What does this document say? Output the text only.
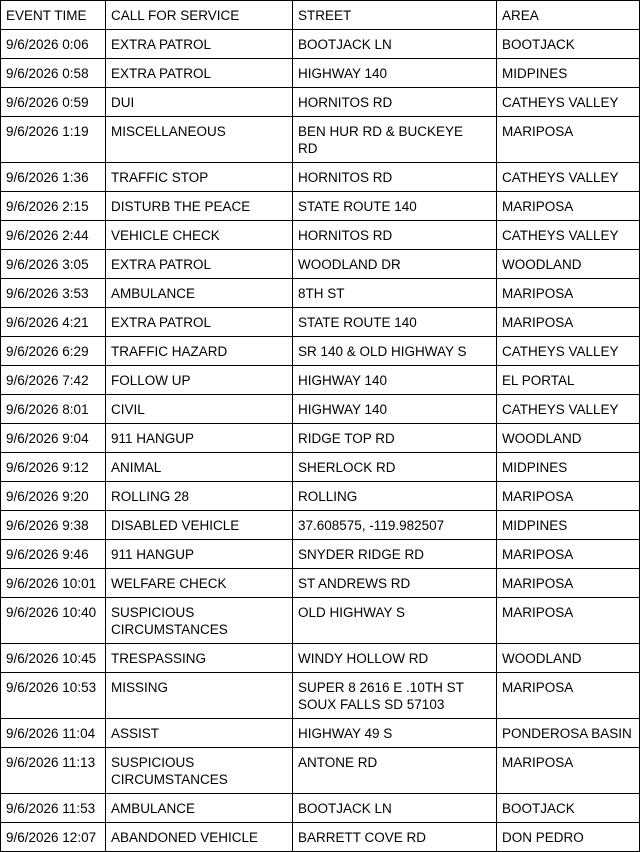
EVENT TIME	CALL FOR SERVICE	STREET	AREA
9/6/2026 0:06	EXTRA PATROL	BOOTJACK LN	BOOTJACK
9/6/2026 0:58	EXTRA PATROL	HIGHWAY 140	MIDPINES
9/6/2026 0:59	DUI	HORNITOS RD	CATHEYS VALLEY
9/6/2026 1:19	MISCELLANEOUS	BEN HUR RD & BUCKEYE RD	MARIPOSA
9/6/2026 1:36	TRAFFIC STOP	HORNITOS RD	CATHEYS VALLEY
9/6/2026 2:15	DISTURB THE PEACE	STATE ROUTE 140	MARIPOSA
9/6/2026 2:44	VEHICLE CHECK	HORNITOS RD	CATHEYS VALLEY
9/6/2026 3:05	EXTRA PATROL	WOODLAND DR	WOODLAND
9/6/2026 3:53	AMBULANCE	8TH ST	MARIPOSA
9/6/2026 4:21	EXTRA PATROL	STATE ROUTE 140	MARIPOSA
9/6/2026 6:29	TRAFFIC HAZARD	SR 140 & OLD HIGHWAY S	CATHEYS VALLEY
9/6/2026 7:42	FOLLOW UP	HIGHWAY 140	EL PORTAL
9/6/2026 8:01	CIVIL	HIGHWAY 140	CATHEYS VALLEY
9/6/2026 9:04	911 HANGUP	RIDGE TOP RD	WOODLAND
9/6/2026 9:12	ANIMAL	SHERLOCK RD	MIDPINES
9/6/2026 9:20	ROLLING 28	ROLLING	MARIPOSA
9/6/2026 9:38	DISABLED VEHICLE	37.608575, -119.982507	MIDPINES
9/6/2026 9:46	911 HANGUP	SNYDER RIDGE RD	MARIPOSA
9/6/2026 10:01	WELFARE CHECK	ST ANDREWS RD	MARIPOSA
9/6/2026 10:40	SUSPICIOUS CIRCUMSTANCES	OLD HIGHWAY S	MARIPOSA
9/6/2026 10:45	TRESPASSING	WINDY HOLLOW RD	WOODLAND
9/6/2026 10:53	MISSING	SUPER 8 2616 E .10TH ST SOUX FALLS SD 57103	MARIPOSA
9/6/2026 11:04	ASSIST	HIGHWAY 49 S	PONDEROSA BASIN
9/6/2026 11:13	SUSPICIOUS CIRCUMSTANCES	ANTONE RD	MARIPOSA
9/6/2026 11:53	AMBULANCE	BOOTJACK LN	BOOTJACK
9/6/2026 12:07	ABANDONED VEHICLE	BARRETT COVE RD	DON PEDRO
